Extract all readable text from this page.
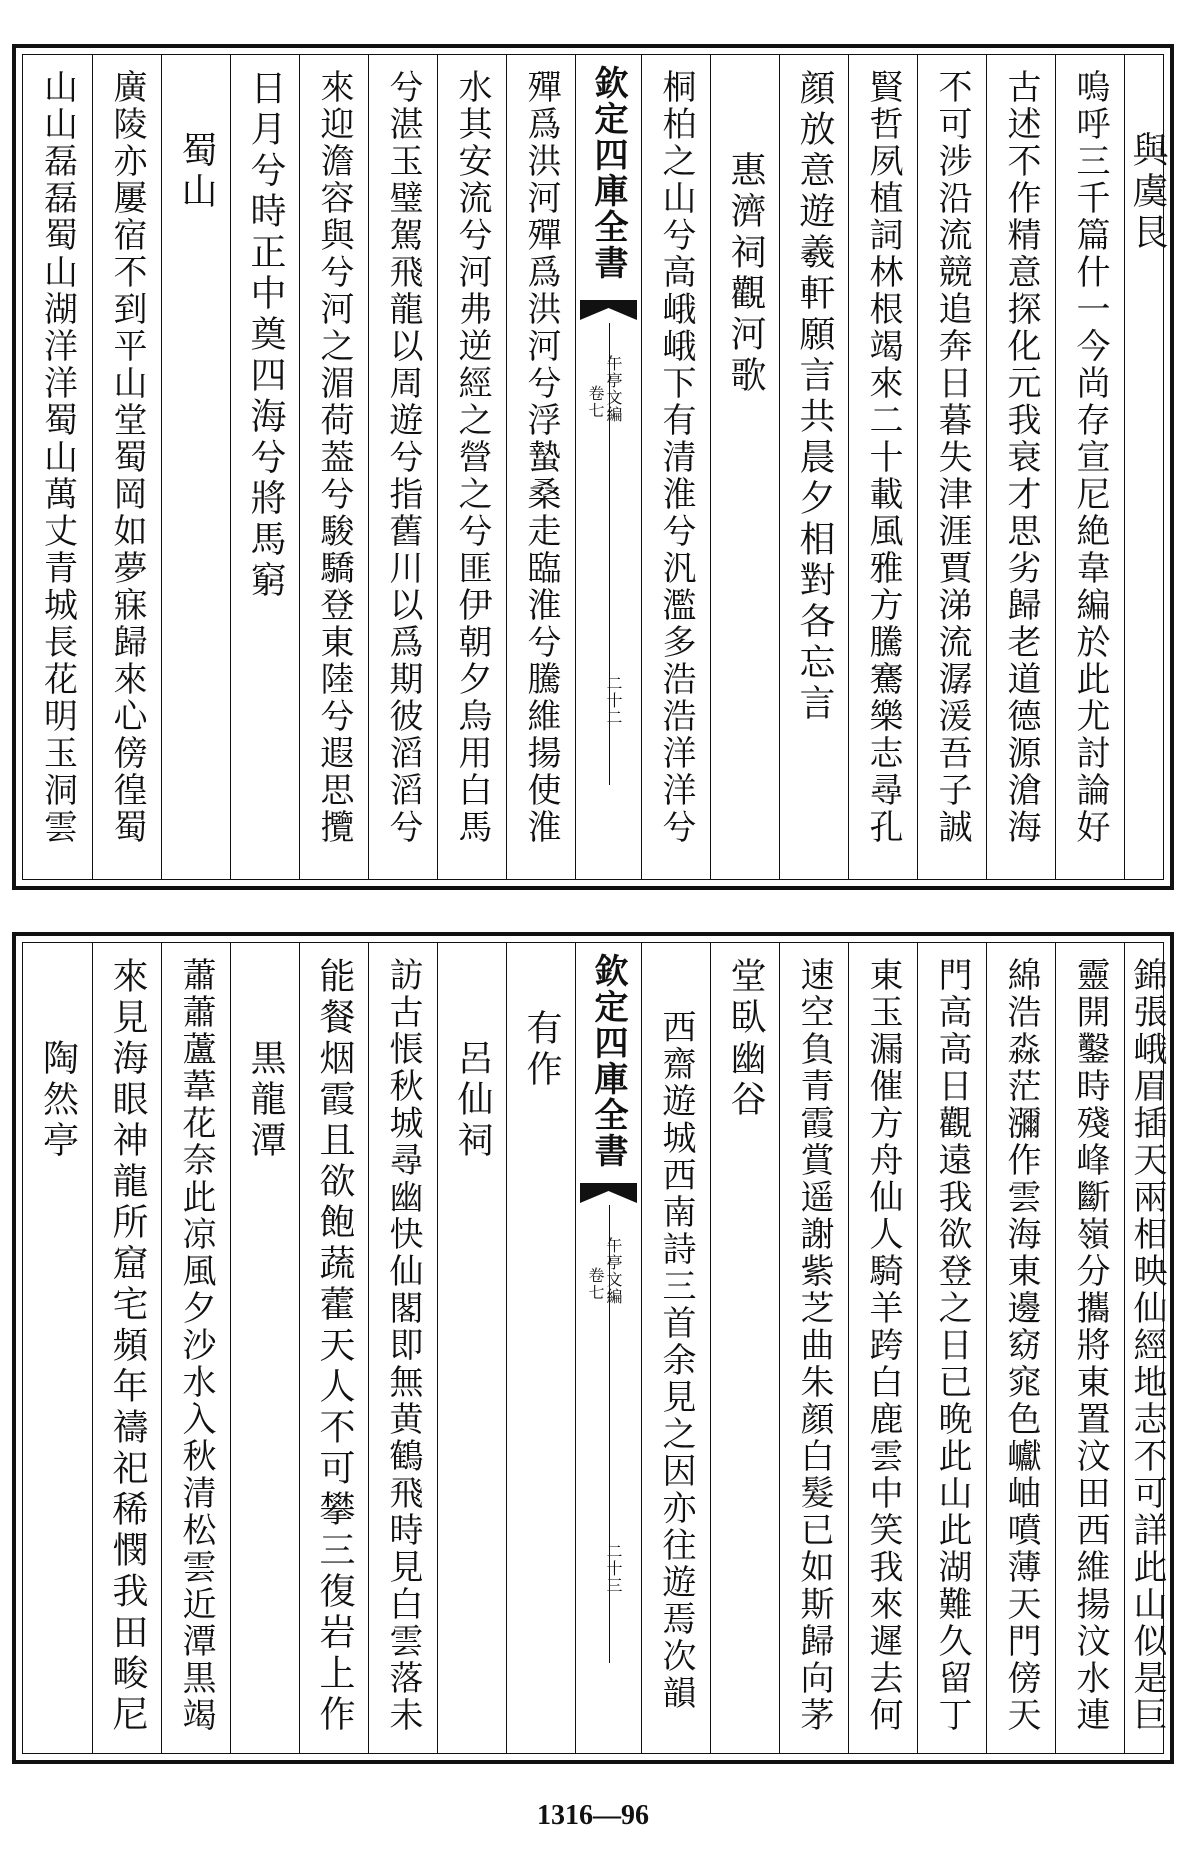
山山磊磊蜀山湖洋洋蜀山萬丈青城長花明玉洞雲 廣陵亦屢宿不到平山堂蜀岡如夢寐歸來心傍徨蜀 蜀山 日月兮時正中奠四海兮將馬窮 來迎澹容與兮河之湄荷葢兮駿驕登東陸兮遐思攬 兮湛玉璧駕飛龍以周遊兮指舊川以爲期彼滔滔兮 水其安流兮河弗逆經之營之兮匪伊朝夕烏用白馬 殫爲洪河殫爲洪河兮浮蟄桑走臨淮兮騰維揚使淮 欽定四庫全書
午亭文編
卷七
二十二 桐柏之山兮高峨峨下有清淮兮汎濫多浩浩洋洋兮 惠濟祠觀河歌 顔放意遊羲軒願言共晨夕相對各忘言 賢哲夙植詞林根竭來二十載風雅方騰騫樂志尋孔 不可涉沿流競追奔日暮失津涯賈涕流潺湲吾子誠 古述不作精意探化元我衰才思劣歸老道德源滄海 嗚呼三千篇什一今尚存宣尼絶韋編於此尤討論好 與虞艮
陶然亭 來見海眼神龍所窟宅頻年禱祀稀憫我田畯尼 蕭蕭蘆葦花奈此凉風夕沙水入秋清松雲近潭黒竭 黒龍潭 能餐烟霞且欲飽蔬藿天人不可攀三復岩上作 訪古悵秋城尋幽快仙閣即無黄鶴飛時見白雲落未 呂仙祠 有作 欽定四庫全書
午亭文編
卷七
二十三 西齋遊城西南詩三首余見之因亦往遊焉次韻 堂臥幽谷 速空負青霞賞遥謝紫芝曲朱顔白髮已如斯歸向茅 東玉漏催方舟仙人騎羊跨白鹿雲中笑我來遲去何 門高高日觀遠我欲登之日已晚此山此湖難久留丁 綿浩淼茫瀰作雲海東邊窈窕色巘岫噴薄天門傍天 靈開鑿時殘峰斷嶺分攜將東置汶田西維揚汶水連 錦張峨眉插天兩相映仙經地志不可詳此山似是巨
1316—96
